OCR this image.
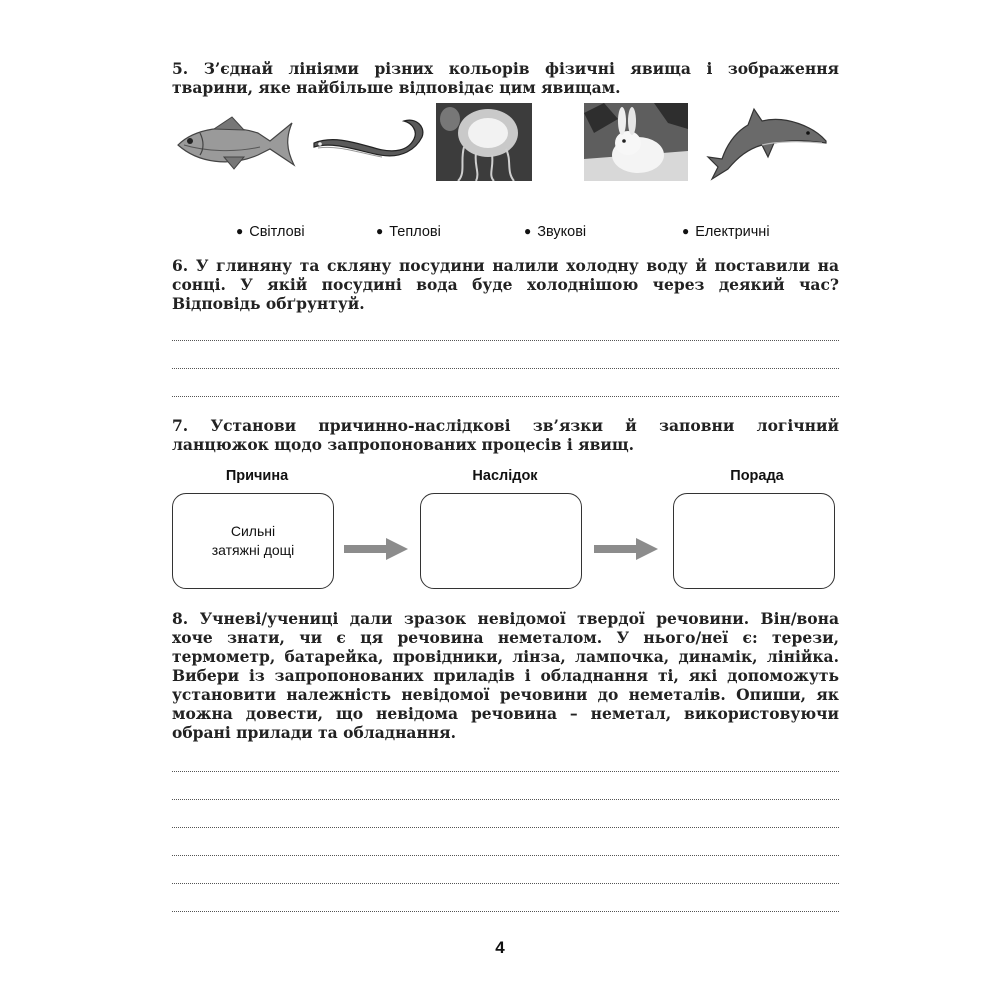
5. З’єднай лініями різних кольорів фізичні явища і зображення тварини, яке найбільше відповідає цим явищам.

● Світлові	● Теплові	● Звукові	● Електричні

6. У глиняну та скляну посудини налили холодну воду й поставили на сонці. У якій посудині вода буде холоднішою через деякий час? Відповідь обґрунтуй.

7. Установи причинно-наслідкові зв’язки й заповни логічний ланцюжок щодо запропонованих процесів і явищ.

Причина	Наслідок	Порада
Сильні
затяжні дощі

8. Учневі/учениці дали зразок невідомої твердої речовини. Він/вона хоче знати, чи є ця речовина неметалом. У нього/неї є: терези, термометр, батарейка, провідники, лінза, лампочка, динамік, лінійка. Вибери із запропонованих приладів і обладнання ті, які допоможуть установити належність невідомої речовини до неметалів. Опиши, як можна довести, що невідома речовина – неметал, використовуючи обрані прилади та обладнання.

4
